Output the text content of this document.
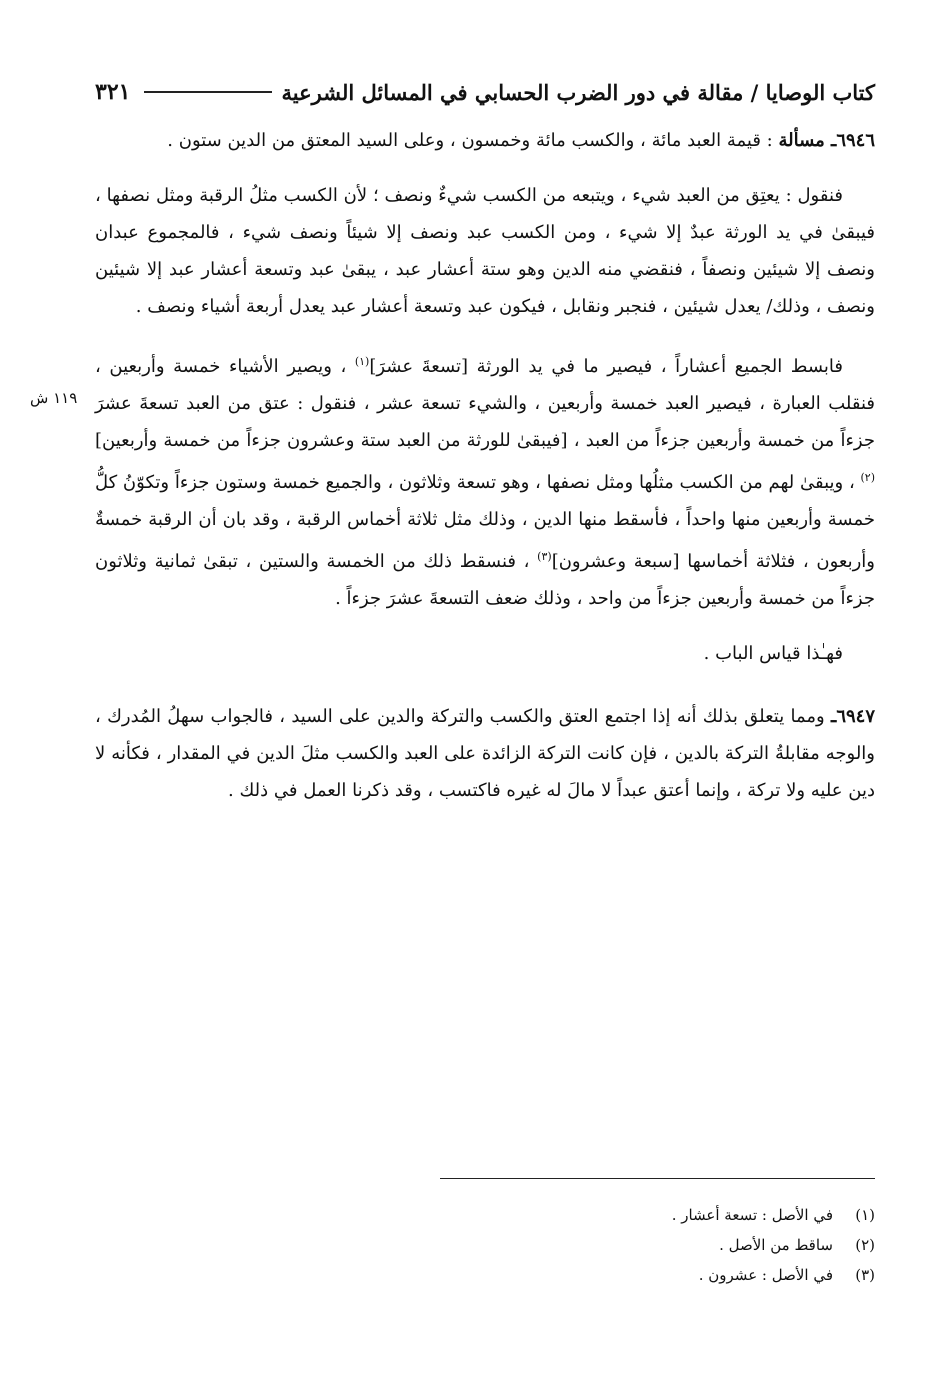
كتاب الوصايا / مقالة في دور الضرب الحسابي في المسائل الشرعية
٣٢١

٦٩٤٦ـ مسألة : قيمة العبد مائة ، والكسب مائة وخمسون ، وعلى السيد المعتق من الدين ستون .

فنقول : يعتِق من العبد شيء ، ويتبعه من الكسب شيءٌ ونصف ؛ لأن الكسب مثلُ الرقبة ومثل نصفها ، فيبقىٰ في يد الورثة عبدٌ إلا شيء ، ومن الكسب عبد ونصف إلا شيئاً ونصف شيء ، فالمجموع عبدان ونصف إلا شيئين ونصفاً ، فنقضي منه الدين وهو ستة أعشار عبد ، يبقىٰ عبد وتسعة أعشار عبد إلا شيئين ونصف ، وذلك/ يعدل شيئين ، فنجبر ونقابل ، فيكون عبد وتسعة أعشار عبد يعدل أربعة أشياء ونصف .

فابسط الجميع أعشاراً ، فيصير ما في يد الورثة [تسعةَ عشرَ]$^{(١)}$ ، ويصير الأشياء خمسة وأربعين ، فنقلب العبارة ، فيصير العبد خمسة وأربعين ، والشيء تسعة عشر ، فنقول : عتق من العبد تسعةَ عشرَ جزءاً من خمسة وأربعين جزءاً من العبد ، [فيبقىٰ للورثة من العبد ستة وعشرون جزءاً من خمسة وأربعين]$^{(٢)}$ ، ويبقىٰ لهم من الكسب مثلُها ومثل نصفها ، وهو تسعة وثلاثون ، والجميع خمسة وستون جزءاً وتكوّنُ كلُّ خمسة وأربعين منها واحداً ، فأسقط منها الدين ، وذلك مثل ثلاثة أخماس الرقبة ، وقد بان أن الرقبة خمسةٌ وأربعون ، فثلاثة أخماسها [سبعة وعشرون]$^{(٣)}$ ، فنسقط ذلك من الخمسة والستين ، تبقىٰ ثمانية وثلاثون جزءاً من خمسة وأربعين جزءاً من واحد ، وذلك ضعف التسعةَ عشرَ جزءاً .

فهـٰذا قياس الباب .

٦٩٤٧ـ ومما يتعلق بذلك أنه إذا اجتمع العتق والكسب والتركة والدين على السيد ، فالجواب سهلُ المُدرك ، والوجه مقابلةُ التركة بالدين ، فإن كانت التركة الزائدة على العبد والكسب مثلَ الدين في المقدار ، فكأنه لا دين عليه ولا تركة ، وإنما أعتق عبداً لا مالَ له غيره فاكتسب ، وقد ذكرنا العمل في ذلك .

١١٩ ش
(١)
في الأصل : تسعة أعشار .
(٢)
ساقط من الأصل .
(٣)
في الأصل : عشرون .
